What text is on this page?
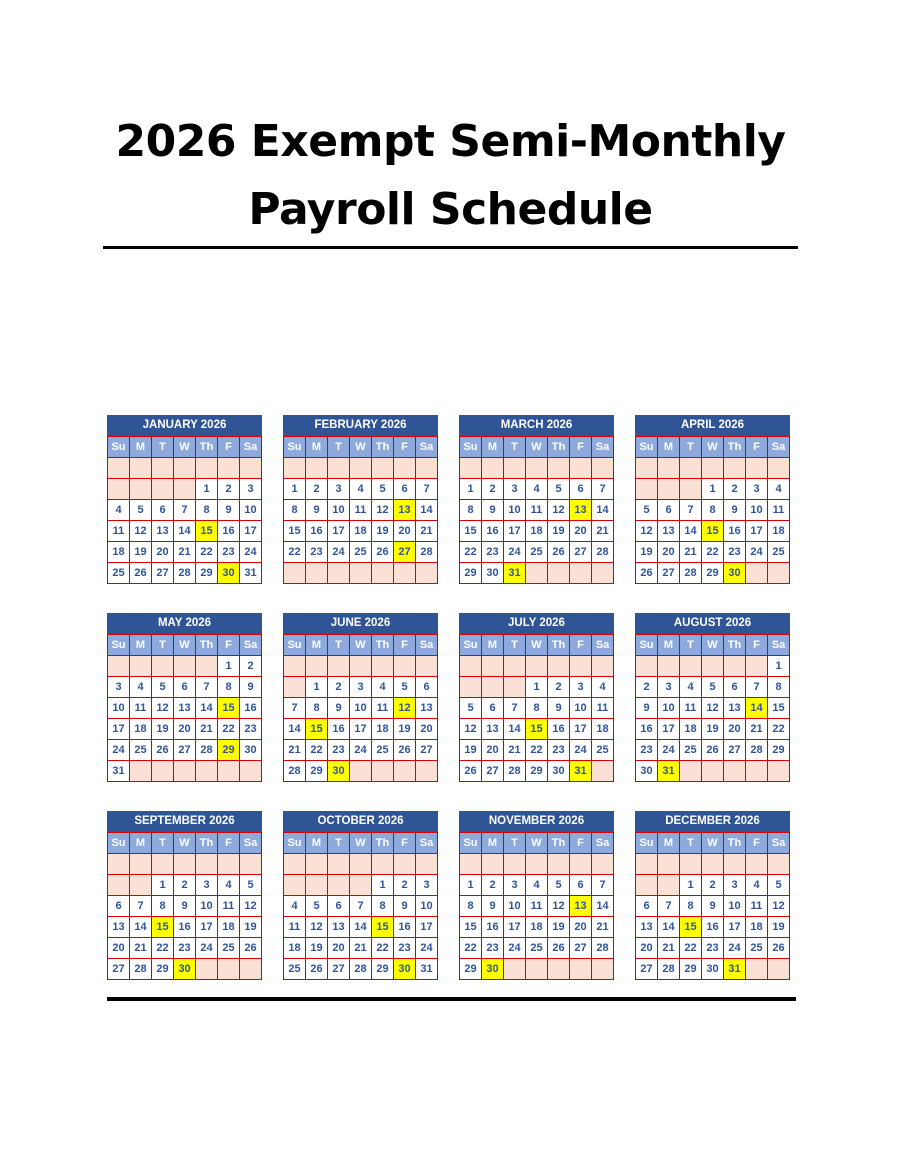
2026 Exempt Semi-Monthly
Payroll Schedule
JANUARY 2026
Su	M	T	W	Th	F	Sa

				1	2	3
4	5	6	7	8	9	10
11	12	13	14	15	16	17
18	19	20	21	22	23	24
25	26	27	28	29	30	31
FEBRUARY 2026
Su	M	T	W	Th	F	Sa

1	2	3	4	5	6	7
8	9	10	11	12	13	14
15	16	17	18	19	20	21
22	23	24	25	26	27	28

MARCH 2026
Su	M	T	W	Th	F	Sa

1	2	3	4	5	6	7
8	9	10	11	12	13	14
15	16	17	18	19	20	21
22	23	24	25	26	27	28
29	30	31				
APRIL 2026
Su	M	T	W	Th	F	Sa

			1	2	3	4
5	6	7	8	9	10	11
12	13	14	15	16	17	18
19	20	21	22	23	24	25
26	27	28	29	30		
MAY 2026
Su	M	T	W	Th	F	Sa
					1	2
3	4	5	6	7	8	9
10	11	12	13	14	15	16
17	18	19	20	21	22	23
24	25	26	27	28	29	30
31						
JUNE 2026
Su	M	T	W	Th	F	Sa

	1	2	3	4	5	6
7	8	9	10	11	12	13
14	15	16	17	18	19	20
21	22	23	24	25	26	27
28	29	30				
JULY 2026
Su	M	T	W	Th	F	Sa

			1	2	3	4
5	6	7	8	9	10	11
12	13	14	15	16	17	18
19	20	21	22	23	24	25
26	27	28	29	30	31	
AUGUST 2026
Su	M	T	W	Th	F	Sa
						1
2	3	4	5	6	7	8
9	10	11	12	13	14	15
16	17	18	19	20	21	22
23	24	25	26	27	28	29
30	31					
SEPTEMBER 2026
Su	M	T	W	Th	F	Sa

		1	2	3	4	5
6	7	8	9	10	11	12
13	14	15	16	17	18	19
20	21	22	23	24	25	26
27	28	29	30			
OCTOBER 2026
Su	M	T	W	Th	F	Sa

				1	2	3
4	5	6	7	8	9	10
11	12	13	14	15	16	17
18	19	20	21	22	23	24
25	26	27	28	29	30	31
NOVEMBER 2026
Su	M	T	W	Th	F	Sa

1	2	3	4	5	6	7
8	9	10	11	12	13	14
15	16	17	18	19	20	21
22	23	24	25	26	27	28
29	30					
DECEMBER 2026
Su	M	T	W	Th	F	Sa

		1	2	3	4	5
6	7	8	9	10	11	12
13	14	15	16	17	18	19
20	21	22	23	24	25	26
27	28	29	30	31		
